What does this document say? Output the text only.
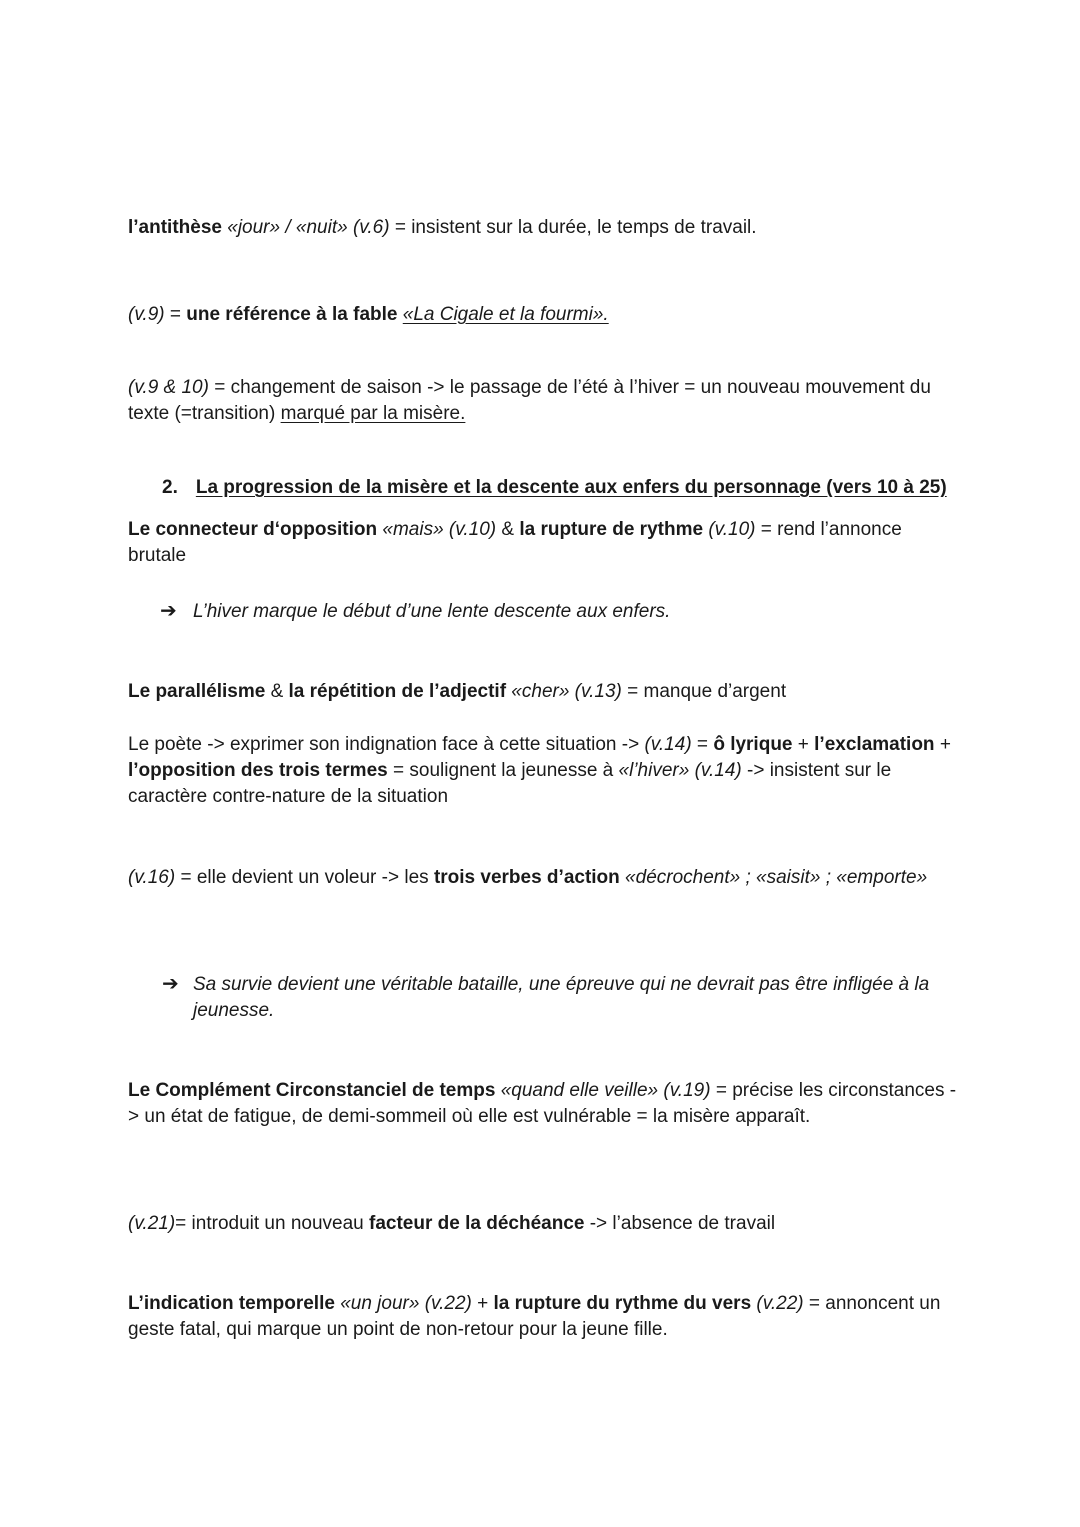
l’antithèse «jour» / «nuit» (v.6) = insistent sur la durée, le temps de travail.

(v.9) = une référence à la fable «La Cigale et la fourmi».

(v.9 & 10) = changement de saison -> le passage de l’été à l’hiver = un nouveau mouvement du texte (=transition) marqué par la misère.

2. La progression de la misère et la descente aux enfers du personnage (vers 10 à 25)

Le connecteur d‘opposition «mais» (v.10) & la rupture de rythme (v.10) = rend l’annonce brutale

➔ L’hiver marque le début d’une lente descente aux enfers.

Le parallélisme & la répétition de l’adjectif «cher» (v.13) = manque d’argent

Le poète -> exprimer son indignation face à cette situation -> (v.14) = ô lyrique + l’exclamation + l’opposition des trois termes = soulignent la jeunesse à «l’hiver» (v.14) -> insistent sur le caractère contre-nature de la situation

(v.16) = elle devient un voleur -> les trois verbes d’action «décrochent» ; «saisit» ; «emporte»

➔ Sa survie devient une véritable bataille, une épreuve qui ne devrait pas être infligée à la jeunesse.

Le Complément Circonstanciel de temps «quand elle veille» (v.19) = précise les circonstances -> un état de fatigue, de demi-sommeil où elle est vulnérable = la misère apparaît.

(v.21)= introduit un nouveau facteur de la déchéance -> l’absence de travail

L’indication temporelle «un jour» (v.22) + la rupture du rythme du vers (v.22) = annoncent un geste fatal, qui marque un point de non-retour pour la jeune fille.
